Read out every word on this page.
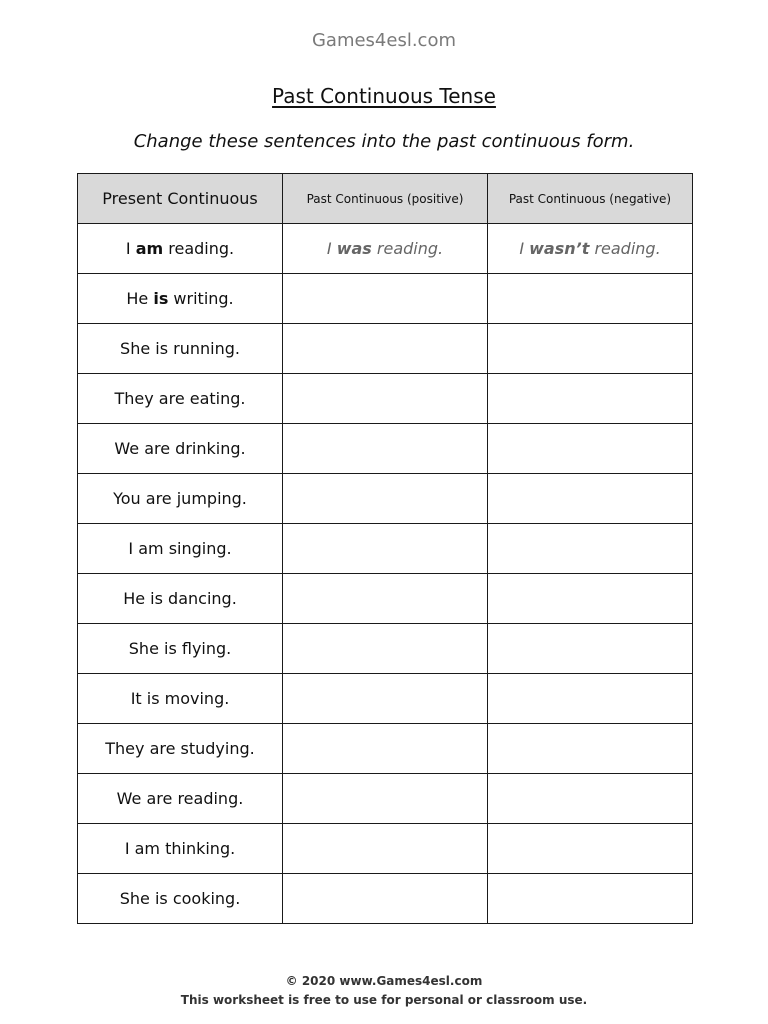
Games4esl.com
Past Continuous Tense
Change these sentences into the past continuous form.
Present Continuous	Past Continuous (positive)	Past Continuous (negative)
I am reading.	I was reading.	I wasn’t reading.
He is writing.		
She is running.		
They are eating.		
We are drinking.		
You are jumping.		
I am singing.		
He is dancing.		
She is flying.		
It is moving.		
They are studying.		
We are reading.		
I am thinking.		
She is cooking.		
© 2020 www.Games4esl.com
This worksheet is free to use for personal or classroom use.
